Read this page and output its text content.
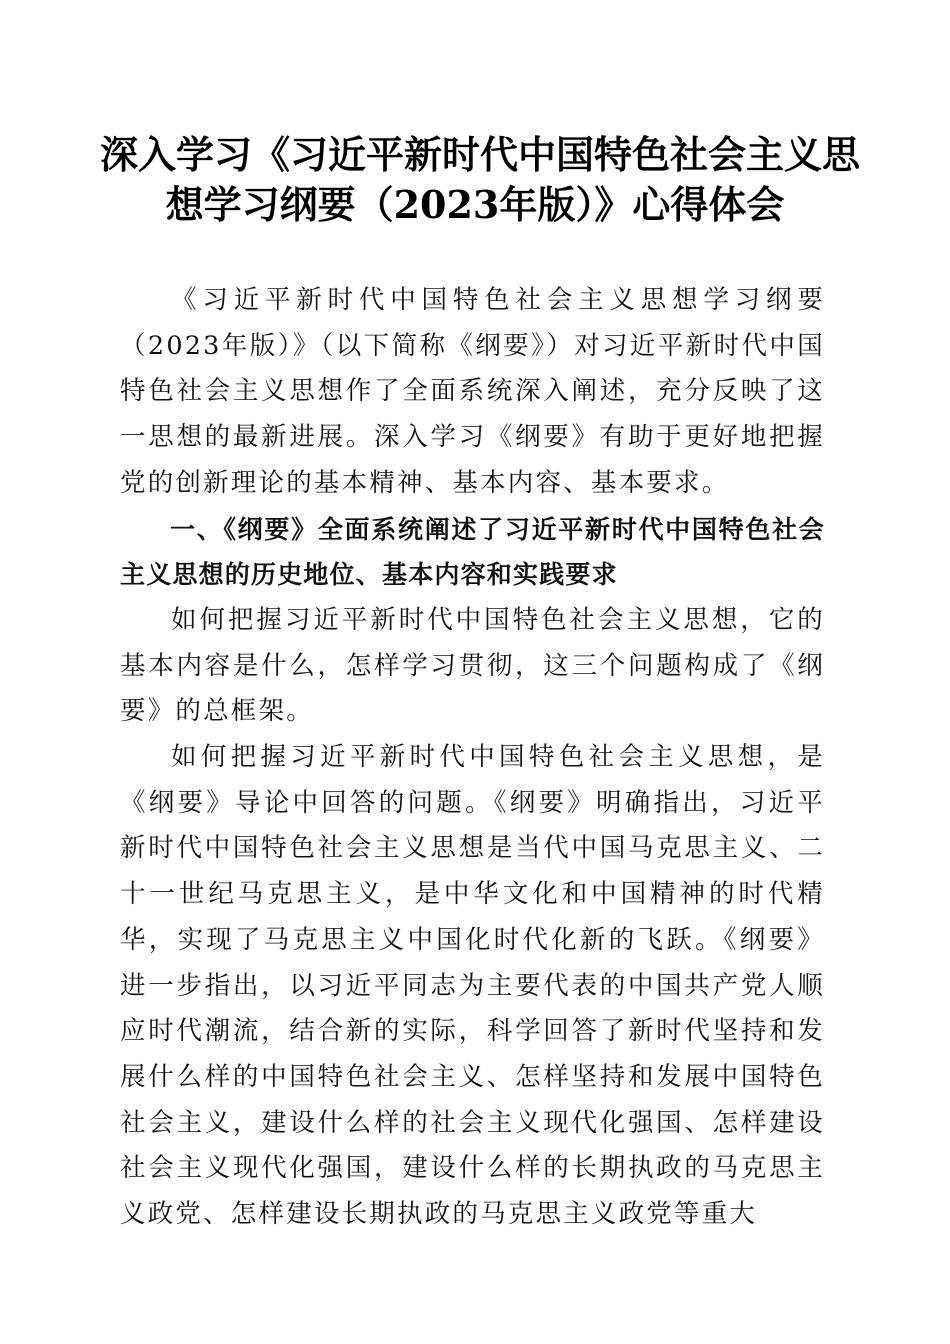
深入学习《习近平新时代中国特色社会主义思
想学习纲要（2023年版）》心得体会

《习近平新时代中国特色社会主义思想学习纲要（2023年版）》（以下简称《纲要》）对习近平新时代中国特色社会主义思想作了全面系统深入阐述，充分反映了这一思想的最新进展。深入学习《纲要》有助于更好地把握党的创新理论的基本精神、基本内容、基本要求。

一、《纲要》全面系统阐述了习近平新时代中国特色社会主义思想的历史地位、基本内容和实践要求

如何把握习近平新时代中国特色社会主义思想，它的基本内容是什么，怎样学习贯彻，这三个问题构成了《纲要》的总框架。

如何把握习近平新时代中国特色社会主义思想，是《纲要》导论中回答的问题。《纲要》明确指出，习近平新时代中国特色社会主义思想是当代中国马克思主义、二十一世纪马克思主义，是中华文化和中国精神的时代精华，实现了马克思主义中国化时代化新的飞跃。《纲要》进一步指出，以习近平同志为主要代表的中国共产党人顺应时代潮流，结合新的实际，科学回答了新时代坚持和发展什么样的中国特色社会主义、怎样坚持和发展中国特色社会主义，建设什么样的社会主义现代化强国、怎样建设社会主义现代化强国，建设什么样的长期执政的马克思主义政党、怎样建设长期执政的马克思主义政党等重大
